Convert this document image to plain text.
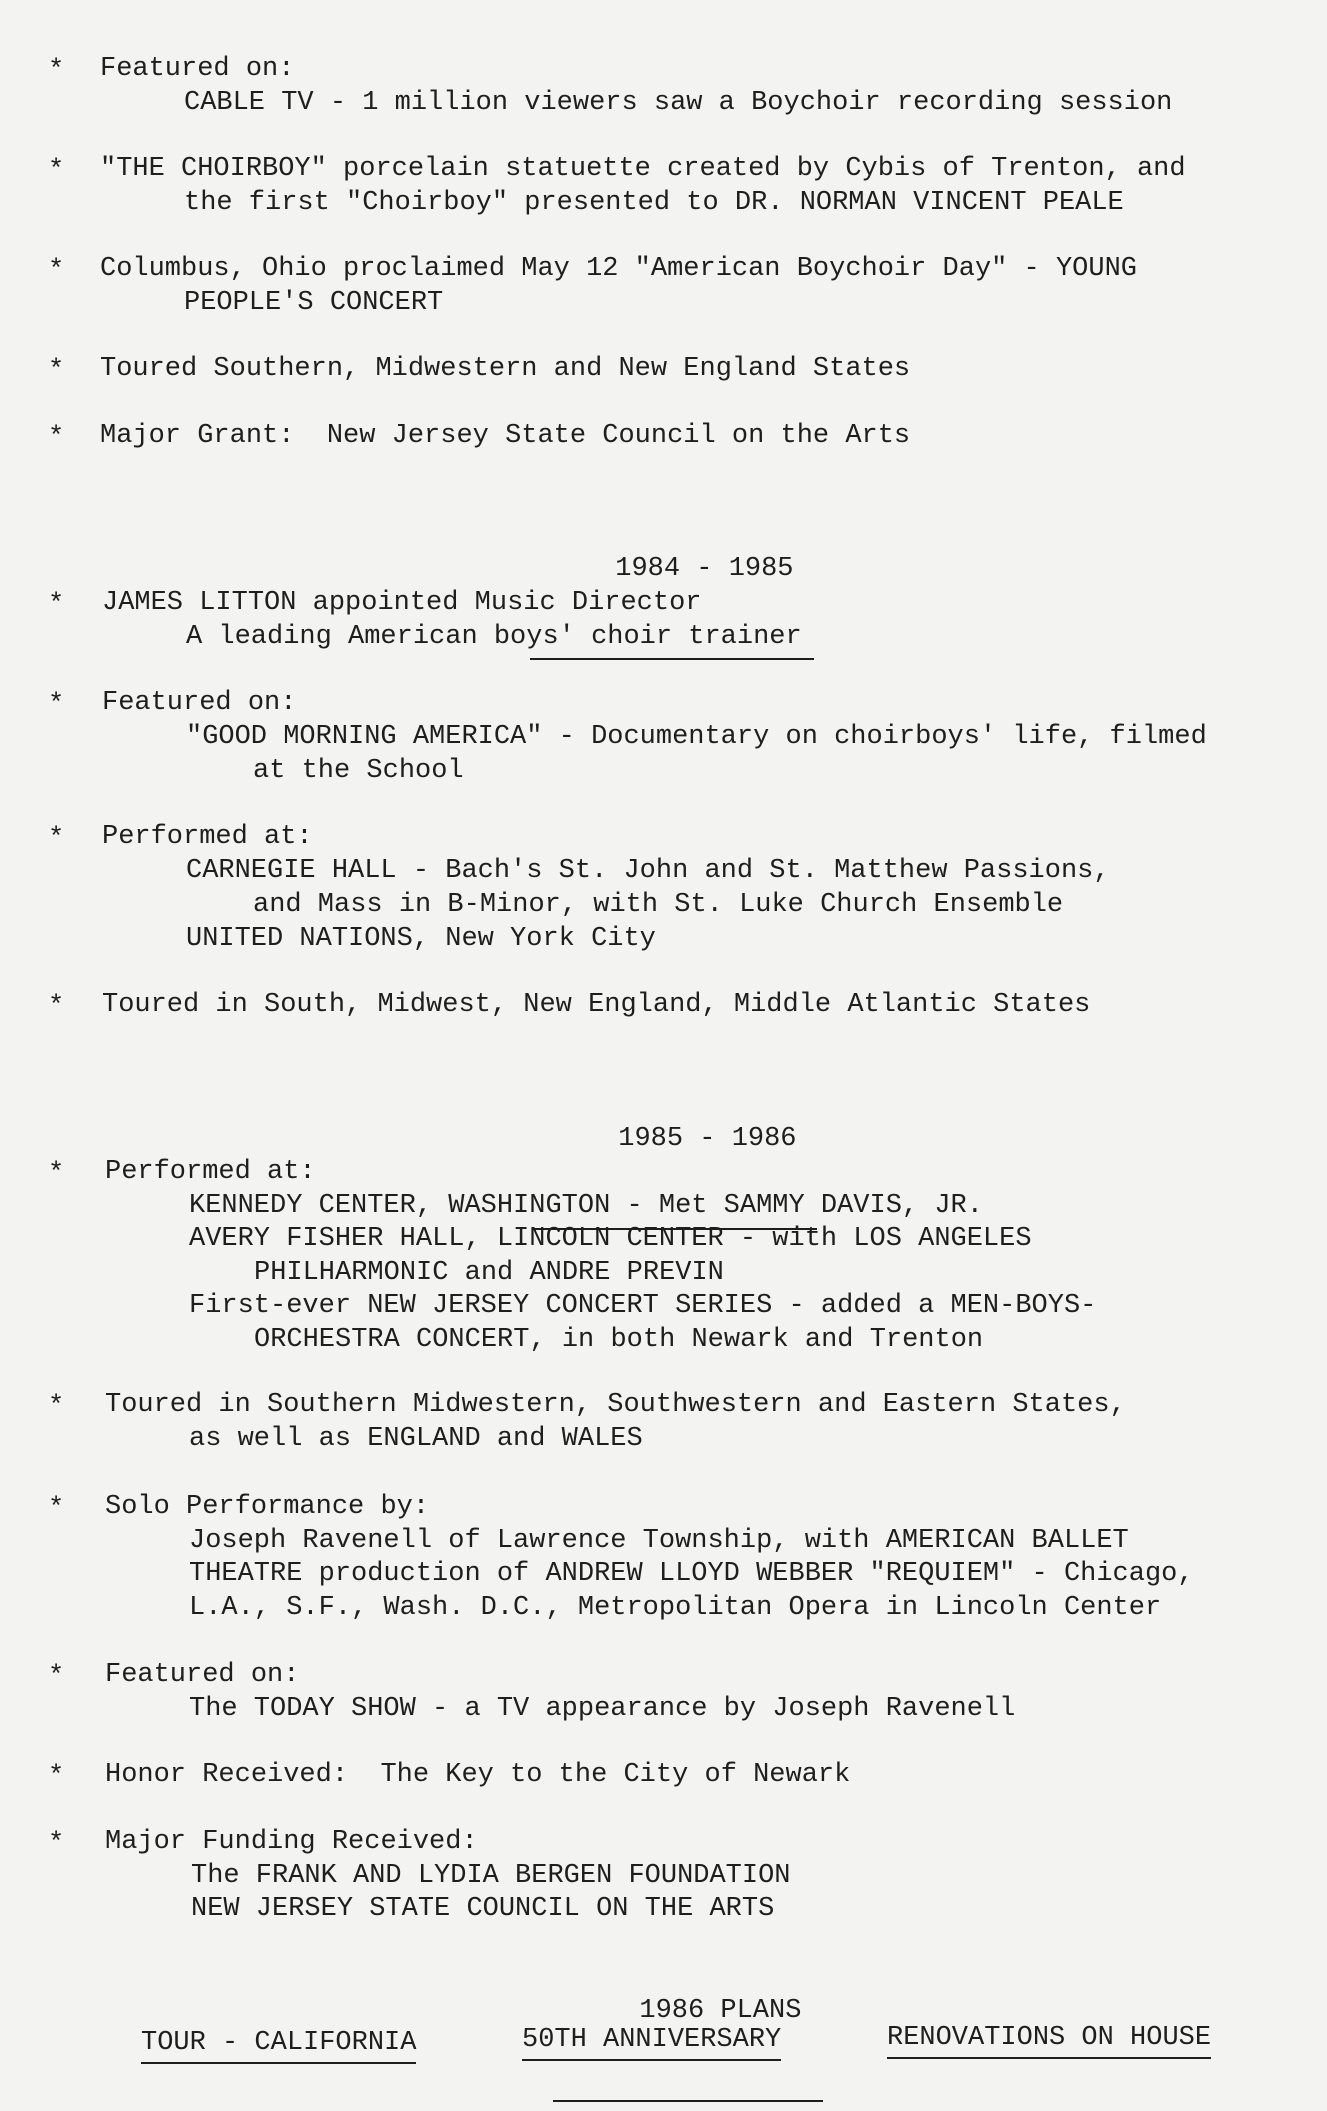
*	Featured on:
CABLE TV - 1 million viewers saw a Boychoir recording session
*	"THE CHOIRBOY" porcelain statuette created by Cybis of Trenton, and
the first "Choirboy" presented to DR. NORMAN VINCENT PEALE
*	Columbus, Ohio proclaimed May 12 "American Boychoir Day" - YOUNG
PEOPLE'S CONCERT
*	Toured Southern, Midwestern and New England States
*	Major Grant:  New Jersey State Council on the Arts

1984 - 1985

*	JAMES LITTON appointed Music Director
A leading American boys' choir trainer
*	Featured on:
"GOOD MORNING AMERICA" - Documentary on choirboys' life, filmed
at the School
*	Performed at:
CARNEGIE HALL - Bach's St. John and St. Matthew Passions,
and Mass in B-Minor, with St. Luke Church Ensemble
UNITED NATIONS, New York City
*	Toured in South, Midwest, New England, Middle Atlantic States

1985 - 1986

*	Performed at:
KENNEDY CENTER, WASHINGTON - Met SAMMY DAVIS, JR.
AVERY FISHER HALL, LINCOLN CENTER - with LOS ANGELES
PHILHARMONIC and ANDRE PREVIN
First-ever NEW JERSEY CONCERT SERIES - added a MEN-BOYS-
ORCHESTRA CONCERT, in both Newark and Trenton
*	Toured in Southern Midwestern, Southwestern and Eastern States,
as well as ENGLAND and WALES
*	Solo Performance by:
Joseph Ravenell of Lawrence Township, with AMERICAN BALLET
THEATRE production of ANDREW LLOYD WEBBER "REQUIEM" - Chicago,
L.A., S.F., Wash. D.C., Metropolitan Opera in Lincoln Center
*	Featured on:
The TODAY SHOW - a TV appearance by Joseph Ravenell
*	Honor Received:  The Key to the City of Newark
*	Major Funding Received:
The FRANK AND LYDIA BERGEN FOUNDATION
NEW JERSEY STATE COUNCIL ON THE ARTS

1986 PLANS

TOUR - CALIFORNIA	50TH ANNIVERSARY	RENOVATIONS ON HOUSE
